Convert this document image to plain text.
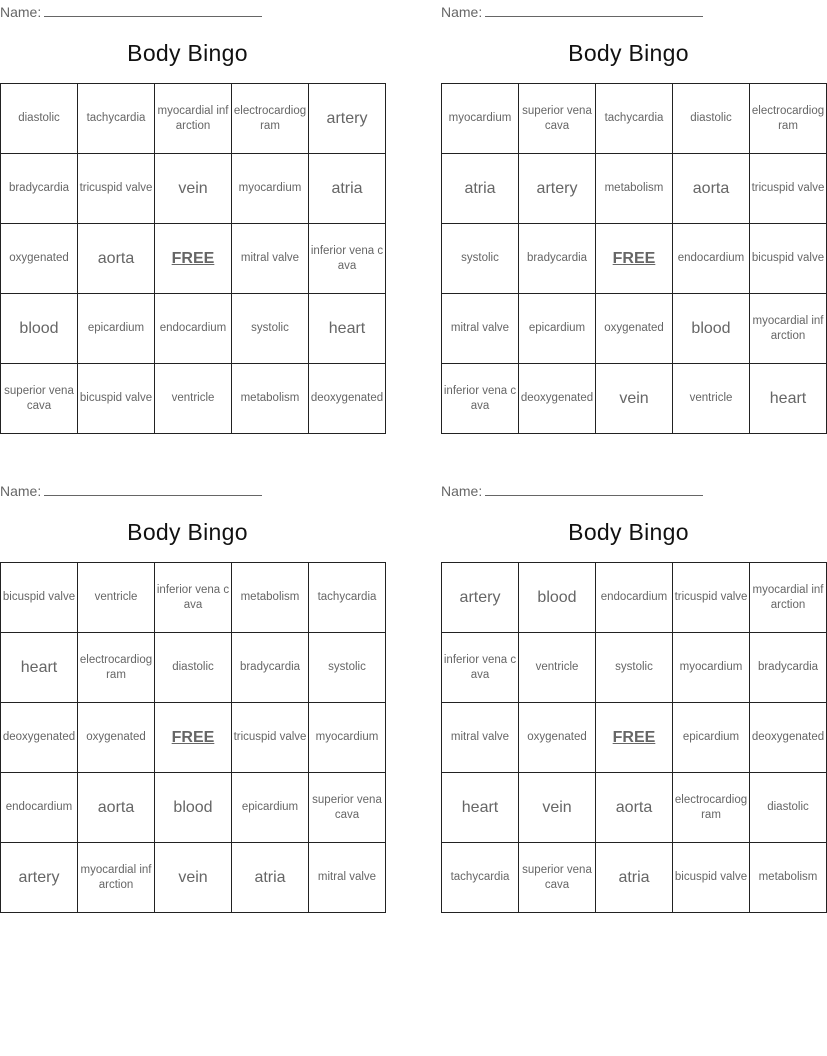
Name:
Body Bingo
diastolic	tachycardia	myocardial infarction	electrocardiogram	artery
bradycardia	tricuspid valve	vein	myocardium	atria
oxygenated	aorta	FREE	mitral valve	inferior vena cava
blood	epicardium	endocardium	systolic	heart
superior vena cava	bicuspid valve	ventricle	metabolism	deoxygenated
Name:
Body Bingo
myocardium	superior vena cava	tachycardia	diastolic	electrocardiogram
atria	artery	metabolism	aorta	tricuspid valve
systolic	bradycardia	FREE	endocardium	bicuspid valve
mitral valve	epicardium	oxygenated	blood	myocardial infarction
inferior vena cava	deoxygenated	vein	ventricle	heart
Name:
Body Bingo
bicuspid valve	ventricle	inferior vena cava	metabolism	tachycardia
heart	electrocardiogram	diastolic	bradycardia	systolic
deoxygenated	oxygenated	FREE	tricuspid valve	myocardium
endocardium	aorta	blood	epicardium	superior vena cava
artery	myocardial infarction	vein	atria	mitral valve
Name:
Body Bingo
artery	blood	endocardium	tricuspid valve	myocardial infarction
inferior vena cava	ventricle	systolic	myocardium	bradycardia
mitral valve	oxygenated	FREE	epicardium	deoxygenated
heart	vein	aorta	electrocardiogram	diastolic
tachycardia	superior vena cava	atria	bicuspid valve	metabolism
